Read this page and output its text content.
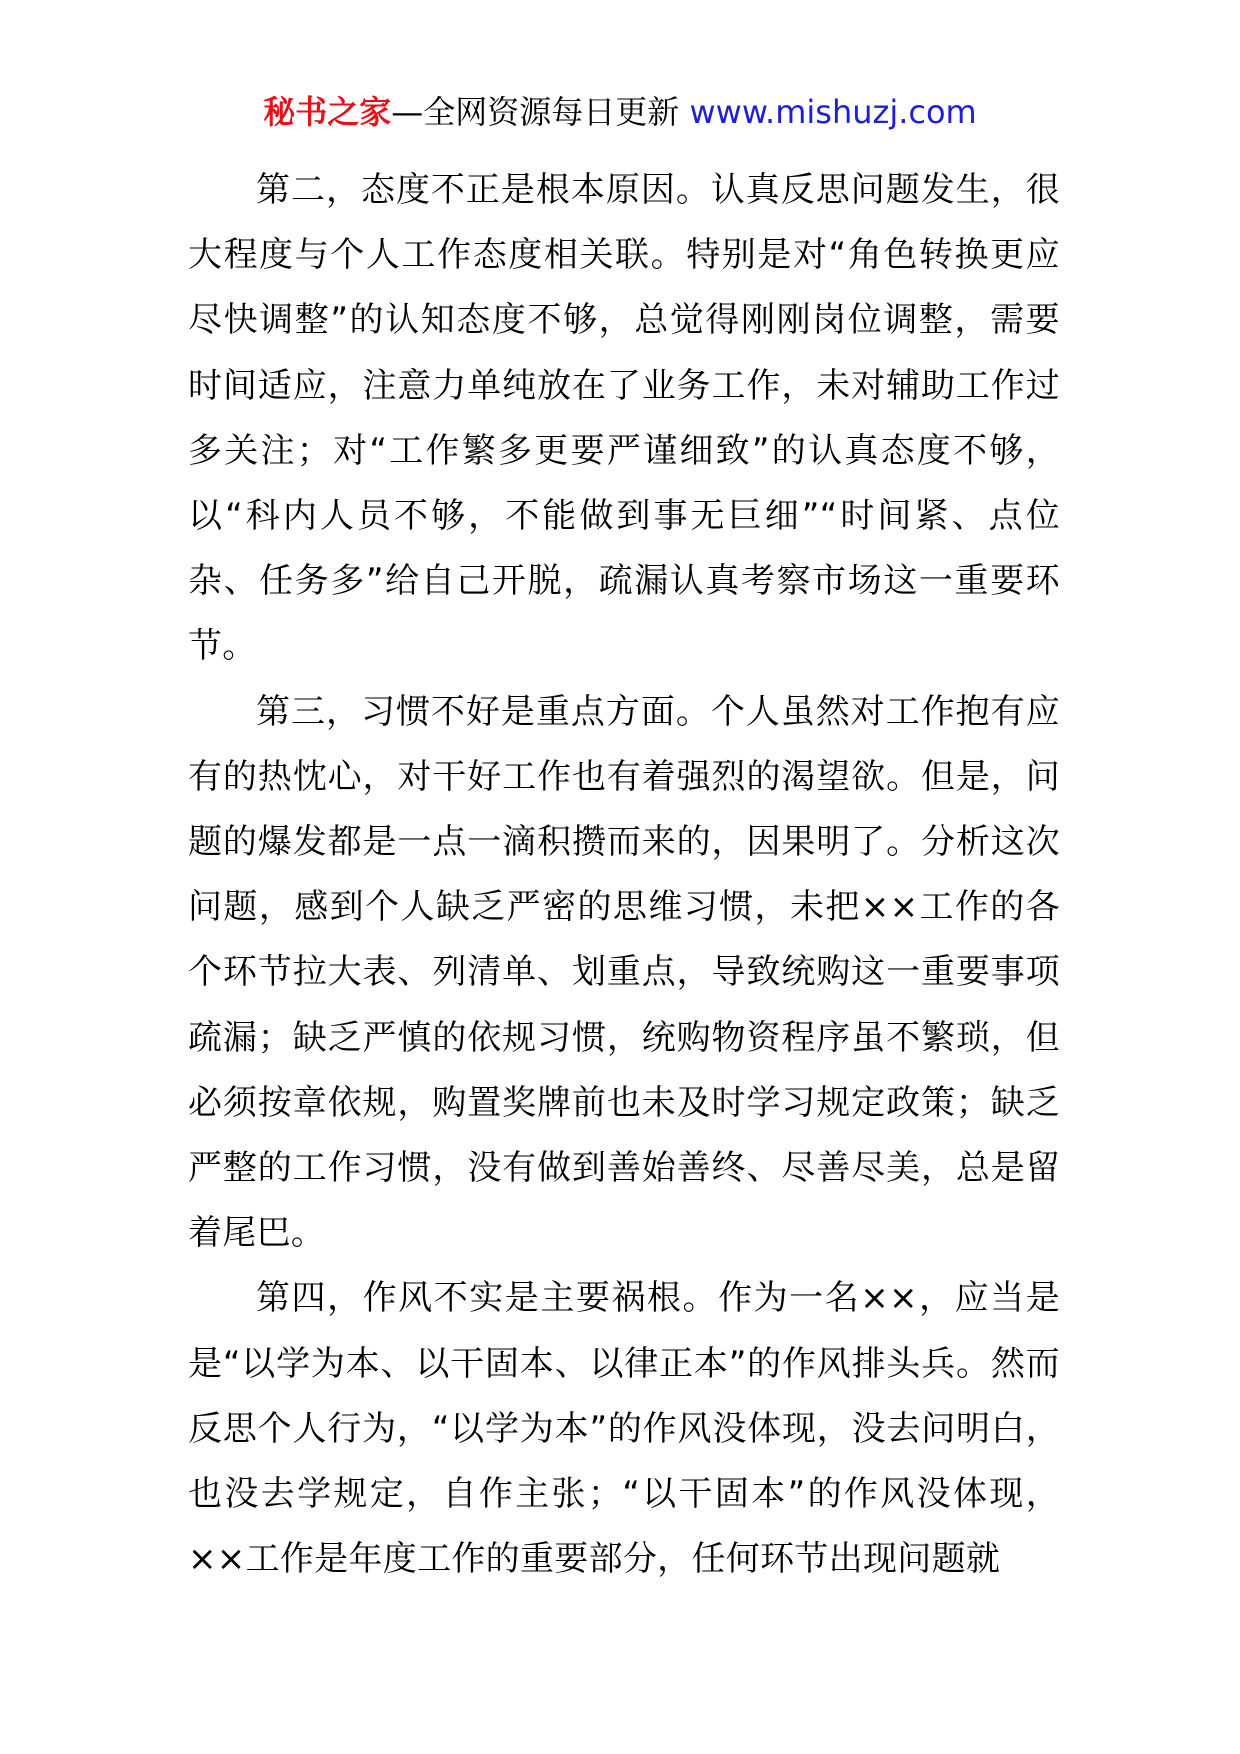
秘书之家—全网资源每日更新 www.mishuzj.com

第二，态度不正是根本原因。认真反思问题发生，很大程度与个人工作态度相关联。特别是对“角色转换更应尽快调整”的认知态度不够，总觉得刚刚岗位调整，需要时间适应，注意力单纯放在了业务工作，未对辅助工作过多关注；对“工作繁多更要严谨细致”的认真态度不够，以“科内人员不够，不能做到事无巨细”“时间紧、点位杂、任务多”给自己开脱，疏漏认真考察市场这一重要环节。

第三，习惯不好是重点方面。个人虽然对工作抱有应有的热忱心，对干好工作也有着强烈的渴望欲。但是，问题的爆发都是一点一滴积攒而来的，因果明了。分析这次问题，感到个人缺乏严密的思维习惯，未把××工作的各个环节拉大表、列清单、划重点，导致统购这一重要事项疏漏；缺乏严慎的依规习惯，统购物资程序虽不繁琐，但必须按章依规，购置奖牌前也未及时学习规定政策；缺乏严整的工作习惯，没有做到善始善终、尽善尽美，总是留着尾巴。

第四，作风不实是主要祸根。作为一名××，应当是是“以学为本、以干固本、以律正本”的作风排头兵。然而反思个人行为，“以学为本”的作风没体现，没去问明白，也没去学规定，自作主张；“以干固本”的作风没体现，××工作是年度工作的重要部分，任何环节出现问题就
